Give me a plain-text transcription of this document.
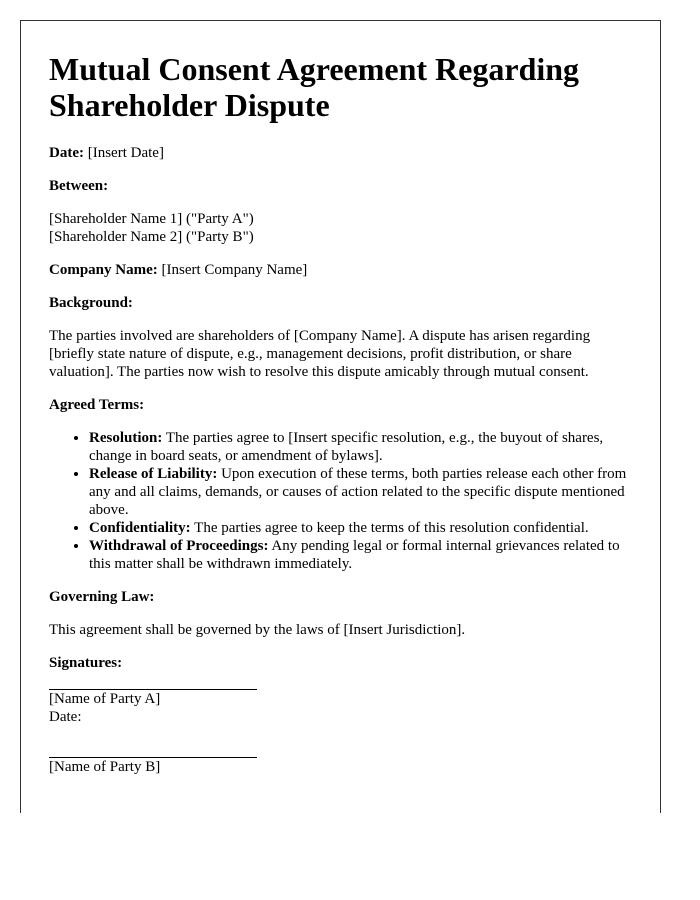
Mutual Consent Agreement Regarding Shareholder Dispute

Date: [Insert Date]

Between:

[Shareholder Name 1] ("Party A")
[Shareholder Name 2] ("Party B")

Company Name: [Insert Company Name]

Background:

The parties involved are shareholders of [Company Name]. A dispute has arisen regarding [briefly state nature of dispute, e.g., management decisions, profit distribution, or share valuation]. The parties now wish to resolve this dispute amicably through mutual consent.

Agreed Terms:

• Resolution: The parties agree to [Insert specific resolution, e.g., the buyout of shares, change in board seats, or amendment of bylaws].
• Release of Liability: Upon execution of these terms, both parties release each other from any and all claims, demands, or causes of action related to the specific dispute mentioned above.
• Confidentiality: The parties agree to keep the terms of this resolution confidential.
• Withdrawal of Proceedings: Any pending legal or formal internal grievances related to this matter shall be withdrawn immediately.

Governing Law:

This agreement shall be governed by the laws of [Insert Jurisdiction].

Signatures:

[Name of Party A]
Date:
[Name of Party B]
